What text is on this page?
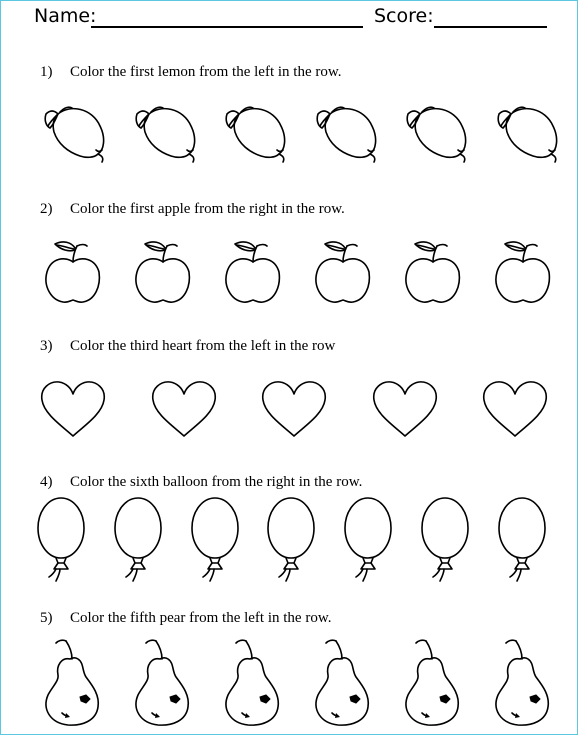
Name:	Score:
1) Color the first lemon from the left in the row.
2) Color the first apple from the right in the row.
3) Color the third heart from the left in the row
4) Color the sixth balloon from the right in the row.
5) Color the fifth pear from the left in the row.
